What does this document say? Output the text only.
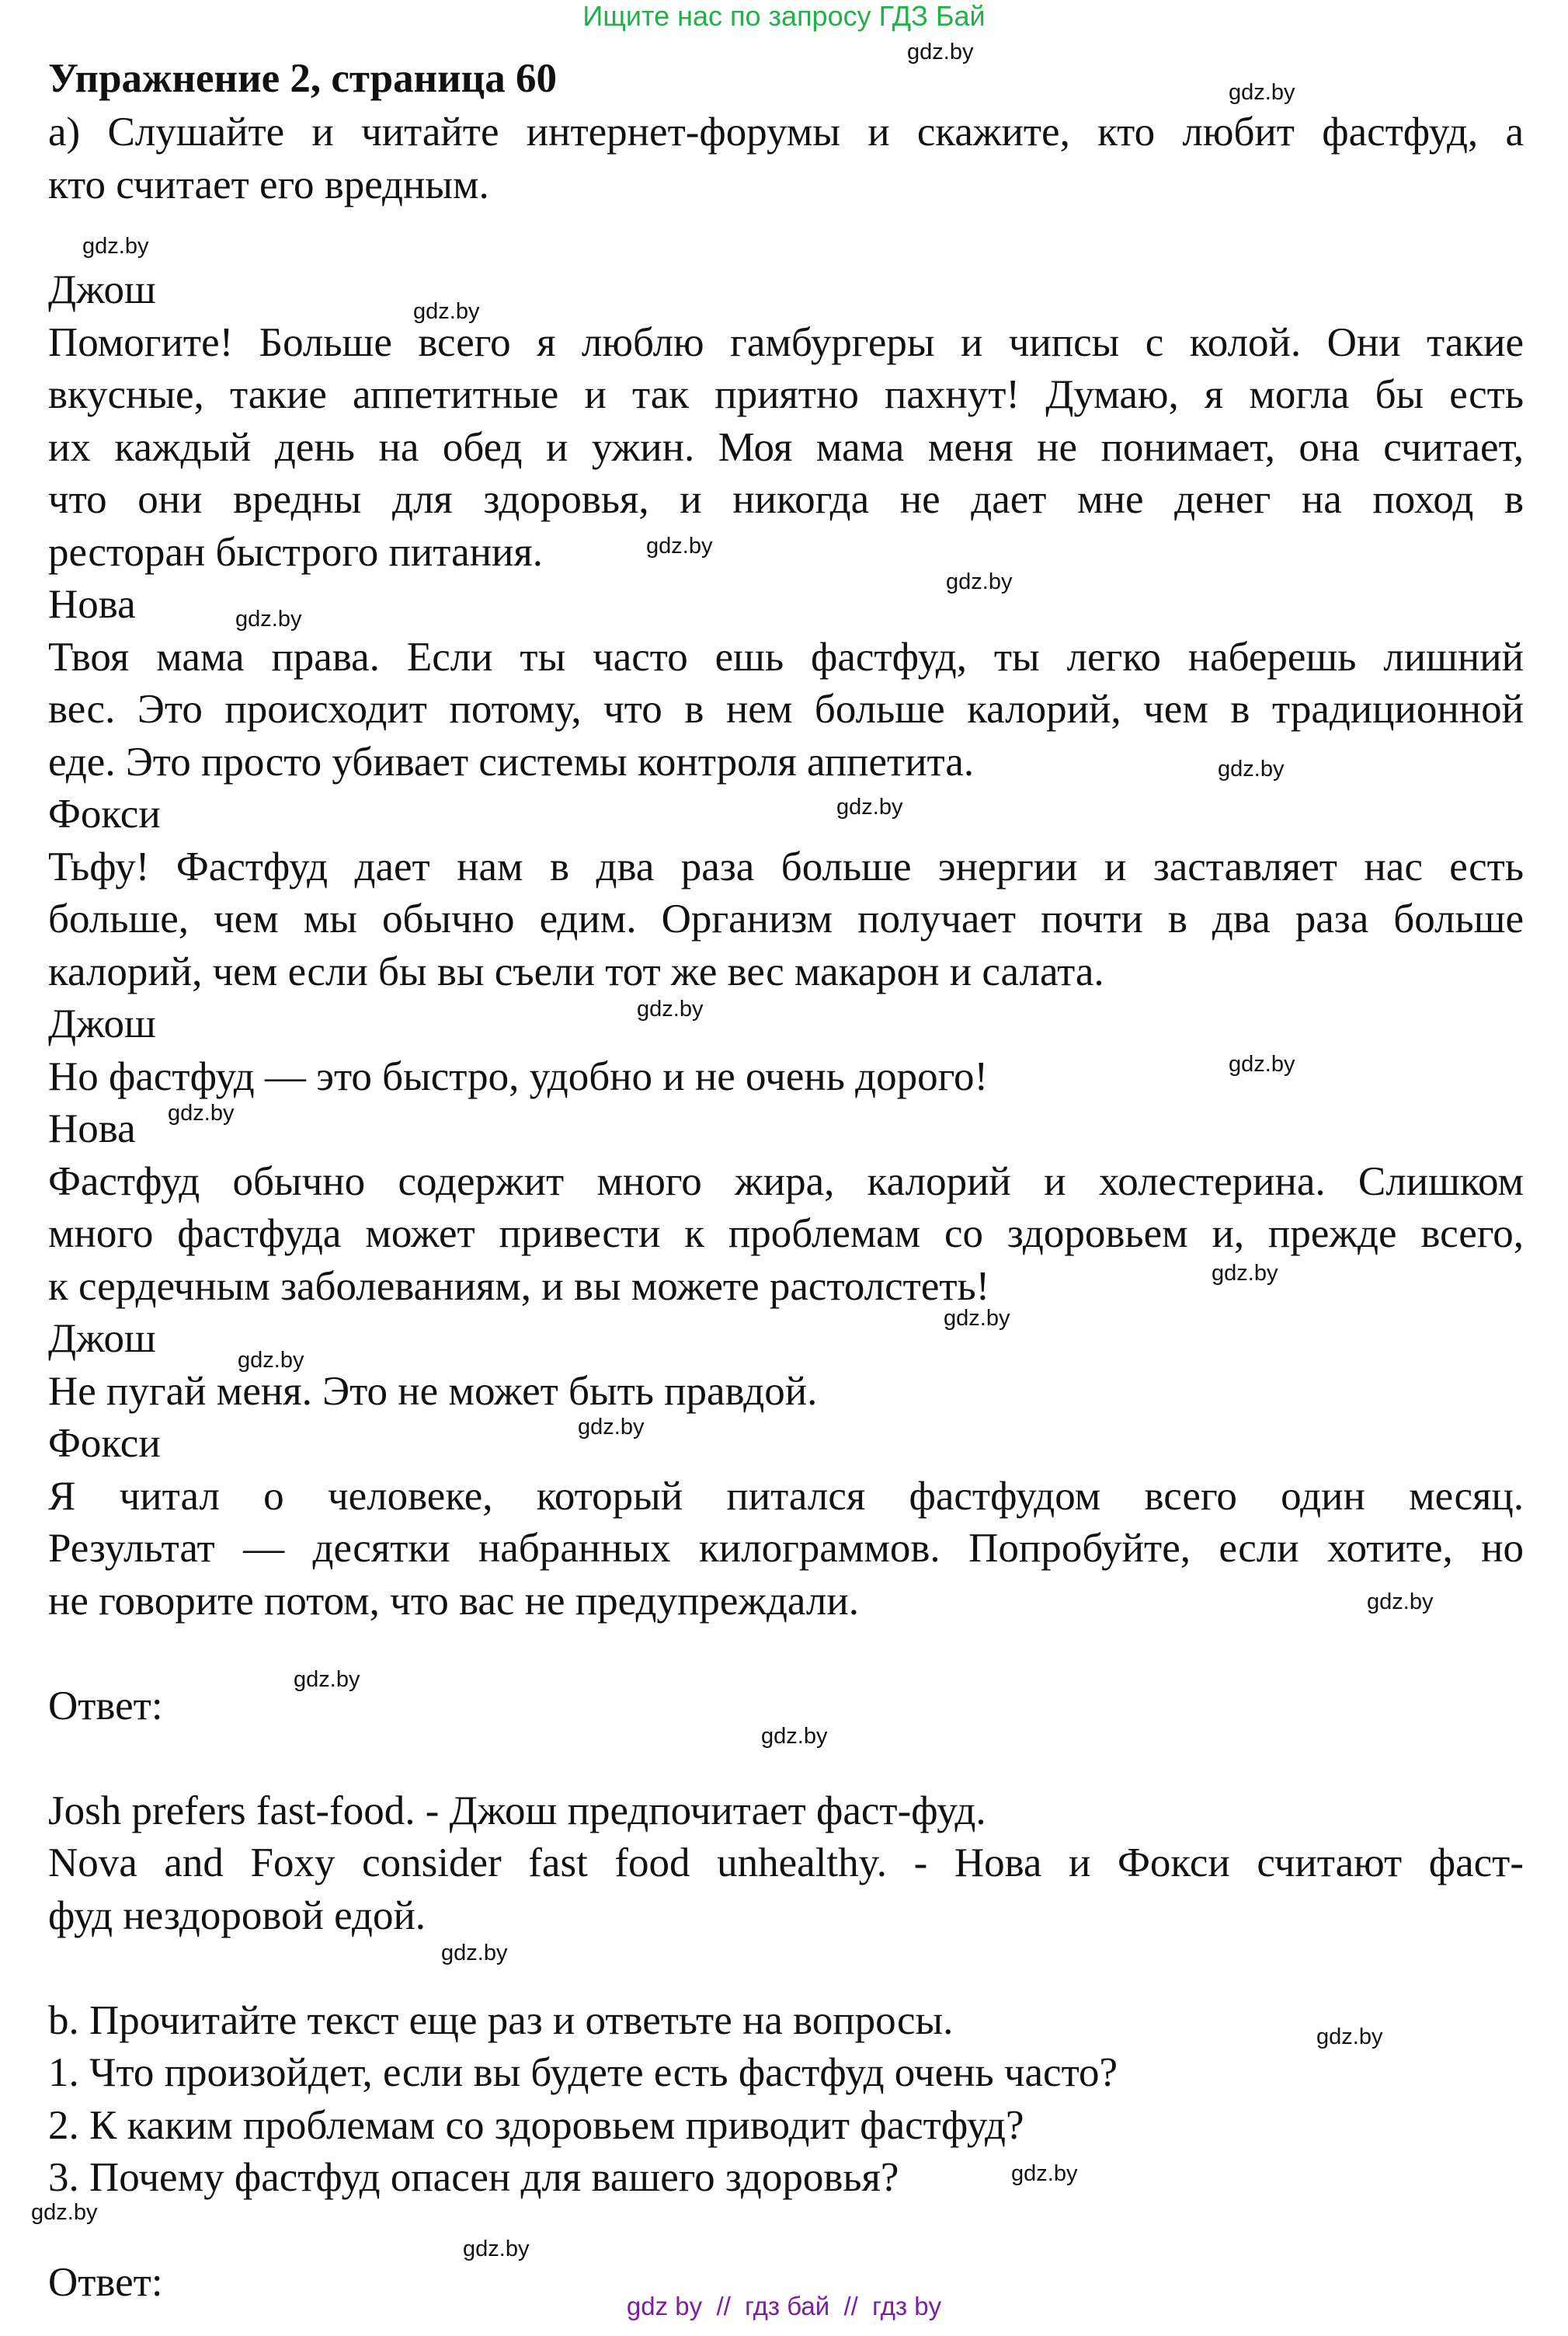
Ищите нас по запросу ГДЗ Бай
Упражнение 2, страница 60
а) Слушайте и читайте интернет-форумы и скажите, кто любит фастфуд, а
кто считает его вредным.
Джош
Помогите! Больше всего я люблю гамбургеры и чипсы с колой. Они такие
вкусные, такие аппетитные и так приятно пахнут! Думаю, я могла бы есть
их каждый день на обед и ужин. Моя мама меня не понимает, она считает,
что они вредны для здоровья, и никогда не дает мне денег на поход в
ресторан быстрого питания.
Нова
Твоя мама права. Если ты часто ешь фастфуд, ты легко наберешь лишний
вес. Это происходит потому, что в нем больше калорий, чем в традиционной
еде. Это просто убивает системы контроля аппетита.
Фокси
Тьфу! Фастфуд дает нам в два раза больше энергии и заставляет нас есть
больше, чем мы обычно едим. Организм получает почти в два раза больше
калорий, чем если бы вы съели тот же вес макарон и салата.
Джош
Но фастфуд — это быстро, удобно и не очень дорого!
Нова
Фастфуд обычно содержит много жира, калорий и холестерина. Слишком
много фастфуда может привести к проблемам со здоровьем и, прежде всего,
к сердечным заболеваниям, и вы можете растолстеть!
Джош
Не пугай меня. Это не может быть правдой.
Фокси
Я читал о человеке, который питался фастфудом всего один месяц.
Результат — десятки набранных килограммов. Попробуйте, если хотите, но
не говорите потом, что вас не предупреждали.
Ответ:
Josh prefers fast-food. - Джош предпочитает фаст-фуд.
Nova and Foxy consider fast food unhealthy. - Нова и Фокси считают фаст-
фуд нездоровой едой.
b. Прочитайте текст еще раз и ответьте на вопросы.
1. Что произойдет, если вы будете есть фастфуд очень часто?
2. К каким проблемам со здоровьем приводит фастфуд?
3. Почему фастфуд опасен для вашего здоровья?
Ответ:
gdz.by
gdz.by
gdz.by
gdz.by
gdz.by
gdz.by
gdz.by
gdz.by
gdz.by
gdz.by
gdz.by
gdz.by
gdz.by
gdz.by
gdz.by
gdz.by
gdz.by
gdz.by
gdz.by
gdz.by
gdz.by
gdz.by
gdz.by
gdz.by
gdz by  //  гдз бай  //  гдз by
